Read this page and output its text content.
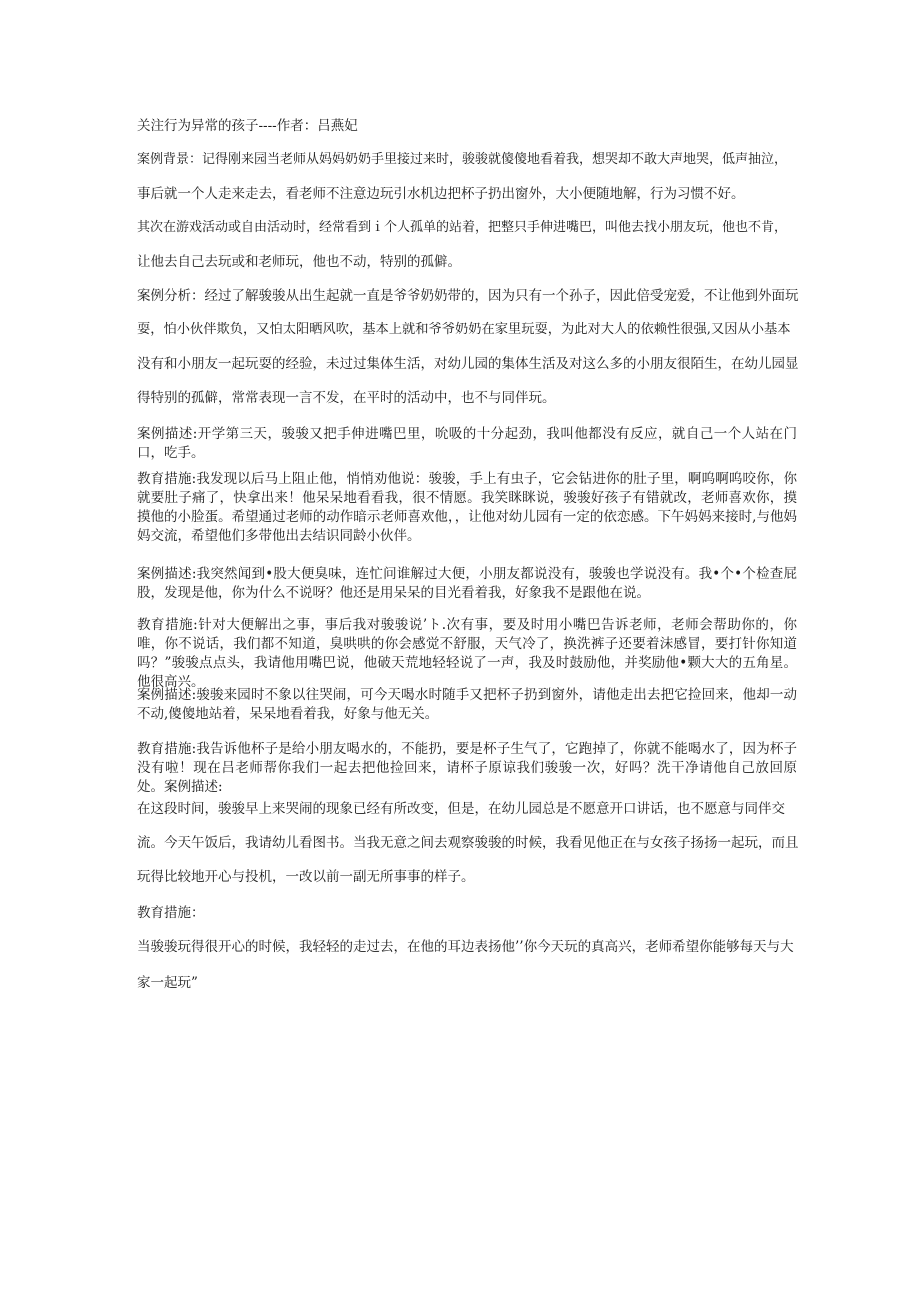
关注行为异常的孩子----作者：吕燕妃

案例背景：记得刚来园当老师从妈妈奶奶手里接过来时，骏骏就傻傻地看着我，想哭却不敢大声地哭，低声抽泣，

事后就一个人走来走去，看老师不注意边玩引水机边把杯子扔出窗外，大小便随地解，行为习惯不好。

其次在游戏活动或自由活动时，经常看到ｉ个人孤单的站着，把整只手伸进嘴巴，叫他去找小朋友玩，他也不肯，

让他去自己去玩或和老师玩，他也不动，特别的孤僻。

案例分析：经过了解骏骏从出生起就一直是爷爷奶奶带的，因为只有一个孙子，因此倍受宠爱，不让他到外面玩

耍，怕小伙伴欺负，又怕太阳晒风吹，基本上就和爷爷奶奶在家里玩耍，为此对大人的依赖性很强,又因从小基本

没有和小朋友一起玩耍的经验，未过过集体生活，对幼儿园的集体生活及对这么多的小朋友很陌生，在幼儿园显

得特别的孤僻，常常表现一言不发，在平时的活动中，也不与同伴玩。

案例描述:开学第三天，骏骏又把手伸进嘴巴里，吮吸的十分起劲，我叫他都没有反应，就自己一个人站在门口，吃手。

教育措施:我发现以后马上阻止他，悄悄劝他说：骏骏，手上有虫子，它会钻进你的肚子里，啊呜啊呜咬你，你就要肚子痛了，快拿出来！他呆呆地看看我，很不情愿。我笑眯眯说，骏骏好孩子有错就改，老师喜欢你，摸摸他的小脸蛋。希望通过老师的动作暗示老师喜欢他，，让他对幼儿园有一定的依恋感。下午妈妈来接时,与他妈妈交流，希望他们多带他出去结识同龄小伙伴。

案例描述:我突然闻到•股大便臭味，连忙问谁解过大便，小朋友都说没有，骏骏也学说没有。我•个•个检查屁股，发现是他，你为什么不说呀？他还是用呆呆的目光看着我，好象我不是跟他在说。

教育措施:针对大便解出之事，事后我对骏骏说’ト.次有事，要及时用小嘴巴告诉老师，老师会帮助你的，你唯，你不说话，我们都不知道，臭哄哄的你会感觉不舒服，天气冷了，换洗裤子还要着沫感冒，要打针你知道吗？”骏骏点点头，我请他用嘴巴说，他破天荒地轻轻说了一声，我及时鼓励他，并奖励他•颗大大的五角星。他很高兴。

案例描述:骏骏来园时不象以往哭闹，可今天喝水时随手又把杯子扔到窗外，请他走出去把它捡回来，他却一动不动,傻傻地站着，呆呆地看着我，好象与他无关。

教育措施:我告诉他杯子是给小朋友喝水的，不能扔，要是杯子生气了，它跑掉了，你就不能喝水了，因为杯子没有啦！现在吕老师帮你我们一起去把他捡回来，请杯子原谅我们骏骏一次，好吗？洗干净请他自己放回原处。案例描述:

在这段时间，骏骏早上来哭闹的现象已经有所改变，但是，在幼儿园总是不愿意开口讲话，也不愿意与同伴交

流。今天午饭后，我请幼儿看图书。当我无意之间去观察骏骏的时候，我看见他正在与女孩子扬扬一起玩，而且

玩得比较地开心与投机，一改以前一副无所事事的样子。

教育措施：

当骏骏玩得很开心的时候，我轻轻的走过去，在他的耳边表扬他’’你今天玩的真高兴，老师希望你能够每天与大

家一起玩”
